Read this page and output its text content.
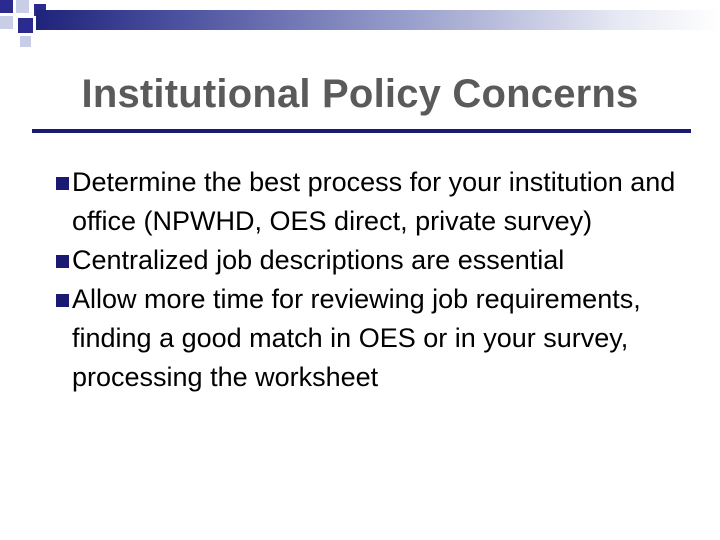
Institutional Policy Concerns
Determine the best process for your institution and office (NPWHD, OES direct, private survey)
Centralized job descriptions are essential
Allow more time for reviewing job requirements, finding a good match in OES or in your survey, processing the worksheet
